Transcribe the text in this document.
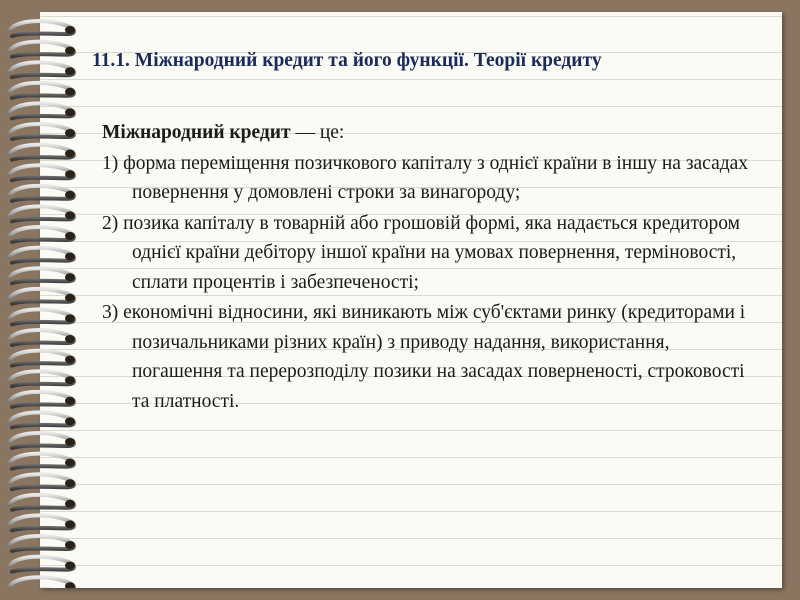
11.1. Міжнародний кредит та його функції. Теорії кредиту

Міжнародний кредит — це:

1) форма переміщення позичкового капіталу з однієї країни в іншу на засадах повернення у домовлені строки за винагороду;

2) позика капіталу в товарній або грошовій формі, яка надається кредитором однієї країни дебітору іншої країни на умовах повернення, терміновості, сплати процентів і забезпеченості;

3) економічні відносини, які виникають між суб'єктами ринку (кредиторами і позичальниками різних країн) з приводу надання, використання, погашення та перерозподілу позики на засадах поверненості, строковості та платності.
